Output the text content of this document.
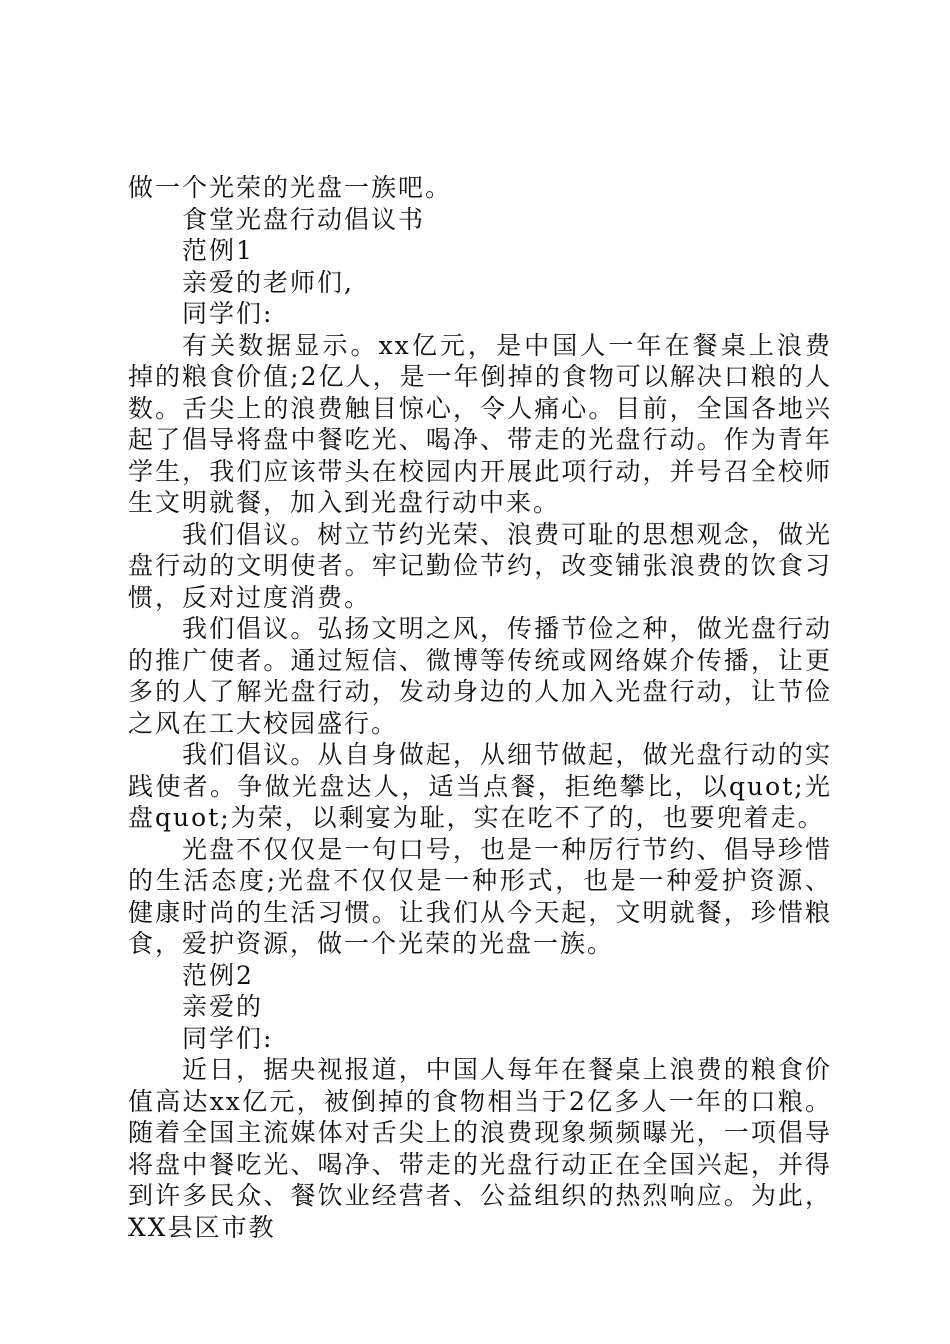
做一个光荣的光盘一族吧。

食堂光盘行动倡议书

范例1

亲爱的老师们,

同学们:

有关数据显示。xx亿元，是中国人一年在餐桌上浪费掉的粮食价值;2亿人，是一年倒掉的食物可以解决口粮的人数。舌尖上的浪费触目惊心，令人痛心。目前，全国各地兴起了倡导将盘中餐吃光、喝净、带走的光盘行动。作为青年学生，我们应该带头在校园内开展此项行动，并号召全校师生文明就餐，加入到光盘行动中来。

我们倡议。树立节约光荣、浪费可耻的思想观念，做光盘行动的文明使者。牢记勤俭节约，改变铺张浪费的饮食习惯，反对过度消费。

我们倡议。弘扬文明之风，传播节俭之种，做光盘行动的推广使者。通过短信、微博等传统或网络媒介传播，让更多的人了解光盘行动，发动身边的人加入光盘行动，让节俭之风在工大校园盛行。

我们倡议。从自身做起，从细节做起，做光盘行动的实践使者。争做光盘达人，适当点餐，拒绝攀比，以quot;光盘quot;为荣，以剩宴为耻，实在吃不了的，也要兜着走。

光盘不仅仅是一句口号，也是一种厉行节约、倡导珍惜的生活态度;光盘不仅仅是一种形式，也是一种爱护资源、健康时尚的生活习惯。让我们从今天起，文明就餐，珍惜粮食，爱护资源，做一个光荣的光盘一族。

范例2

亲爱的

同学们:

近日，据央视报道，中国人每年在餐桌上浪费的粮食价值高达xx亿元，被倒掉的食物相当于2亿多人一年的口粮。随着全国主流媒体对舌尖上的浪费现象频频曝光，一项倡导将盘中餐吃光、喝净、带走的光盘行动正在全国兴起，并得到许多民众、餐饮业经营者、公益组织的热烈响应。为此，XX县区市教
